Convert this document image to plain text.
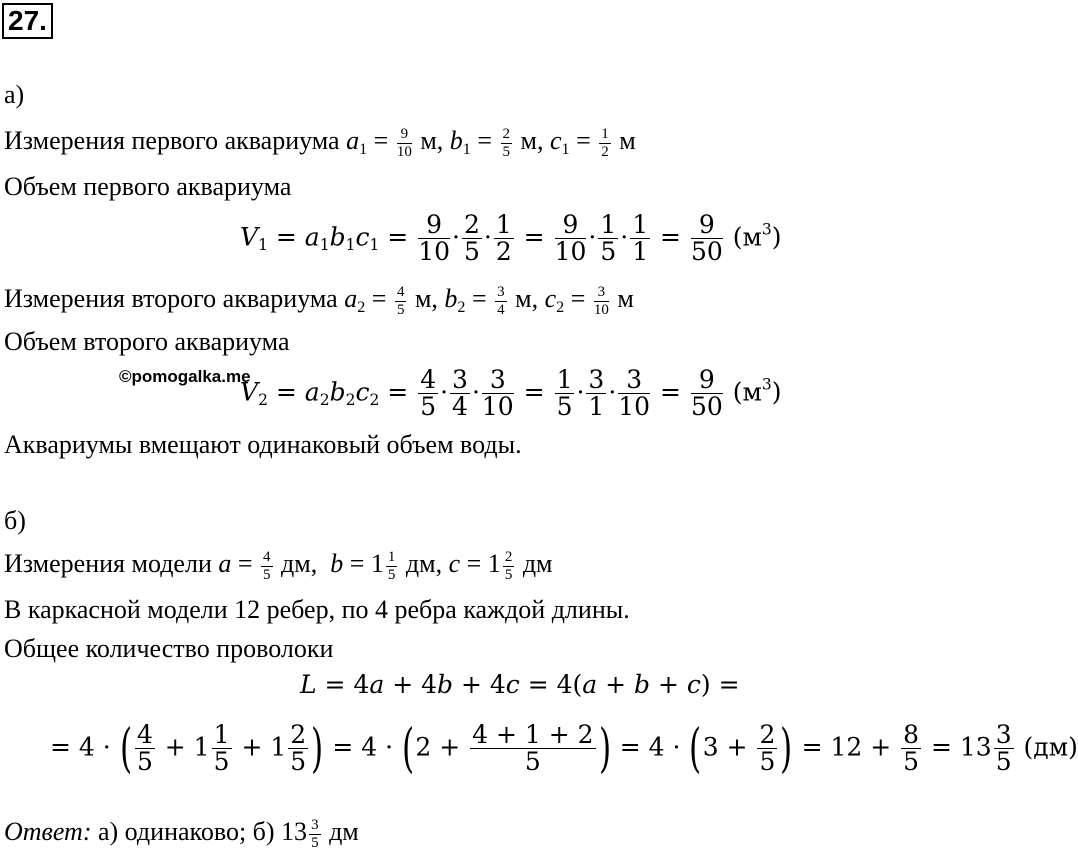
27.
а)
Измерения первого аквариума $a_1 = \frac{9}{10} м$, $b_1 = \frac{2}{5} м$, $c_1 = \frac{1}{2}$ м
Объем первого аквариума
$V_1 = a_1b_1c_1 = \frac{9}{10} \cdot \frac{2}{5} \cdot \frac{1}{2} = \frac{9}{10} \cdot \frac{1}{5} \cdot \frac{1}{1} = \frac{9}{50} (м^3)$
Измерения второго аквариума $a_2 = \frac{4}{5} м$, $b_2 = \frac{3}{4} м$, $c_2 = \frac{3}{10}$ м
Объем второго аквариума
©pomogalka.me
$V_2 = a_2b_2c_2 = \frac{4}{5} \cdot \frac{3}{4} \cdot \frac{3}{10} = \frac{1}{5} \cdot \frac{3}{1} \cdot \frac{3}{10} = \frac{9}{50} (м^3)$
Аквариумы вмещают одинаковый объем воды.
б)
Измерения модели $a = \frac{4}{5}$ дм,  $b = 1 \frac{1}{5}$ дм, $c = 1 \frac{2}{5}$ дм
В каркасной модели 12 ребер, по 4 ребра каждой длины.
Общее количество проволоки
L = 4a + 4b + 4c = 4(a + b + c) =
= 4 · ( $\frac{4}{5} + 1 \frac{1}{5} + 1 \frac{2}{5}$ ) = $4 \cdot (2 + \frac{4 + 1 + 2}{5}$ ) = $4 \cdot (3 + \frac{2}{5}$ ) = $12 + \frac{8}{5} = 13 \frac{3}{5} (дм)$
Ответ: а) одинаково; б) $13 \frac{3}{5}$ дм
